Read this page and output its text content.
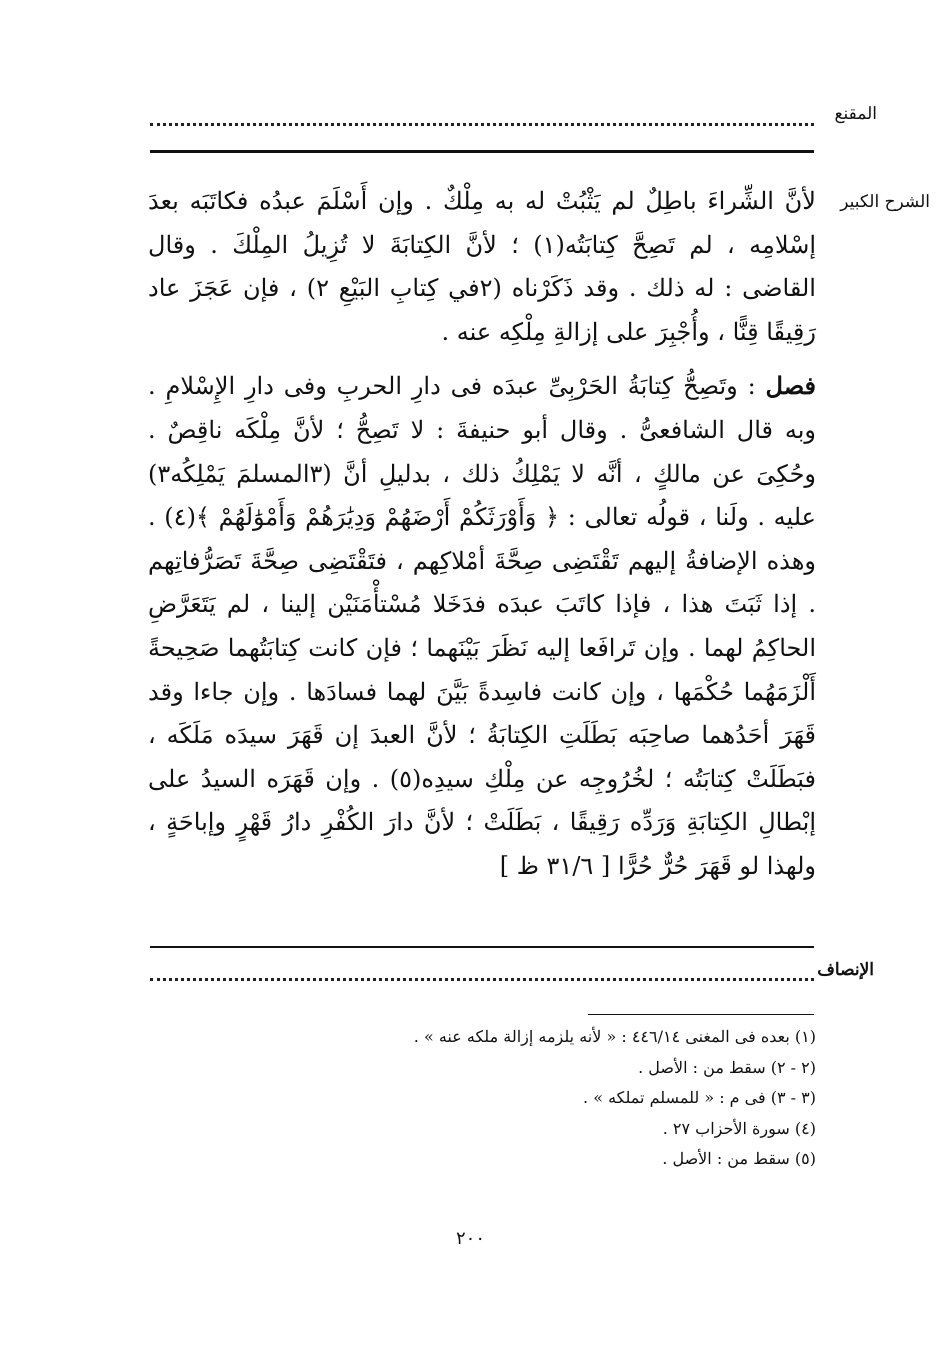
المقنع
الشرح الكبير

لأنَّ الشِّراءَ باطِلٌ لم يَثْبُتْ له به مِلْكٌ . وإن أَسْلَمَ عبدُه فكاتَبَه بعدَ إسْلامِه ، لم تَصِحَّ كِتابَتُه(١) ؛ لأنَّ الكِتابَةَ لا تُزِيلُ المِلْكَ . وقال القاضى : له ذلك . وقد ذَكَرْناه (٢في كِتابِ البَيْعِ ٢) ، فإن عَجَزَ عاد رَقِيقًا قِنًّا ، وأُجْبِرَ على إزالةِ مِلْكِه عنه .

فصل : وتَصِحُّ كِتابَةُ الحَرْبِىِّ عبدَه فى دارِ الحربِ وفى دارِ الإِسْلامِ . وبه قال الشافعىُّ . وقال أبو حنيفةَ : لا تَصِحُّ ؛ لأنَّ مِلْكَه ناقِصٌ . وحُكِىَ عن مالكٍ ، أنَّه لا يَمْلِكُ ذلك ، بدليلِ أنَّ (٣المسلمَ يَمْلِكُه٣) عليه . ولَنا ، قولُه تعالى : ﴿ وَأَوْرَثَكُمْ أَرْضَهُمْ وَدِيَٰرَهُمْ وَأَمْوَٰلَهُمْ ﴾(٤) . وهذه الإضافةُ إليهم تَقْتَضِى صِحَّةَ أمْلاكِهم ، فتَقْتَضِى صِحَّةَ تَصَرُّفاتِهم . إذا ثَبَتَ هذا ، فإذا كاتَبَ عبدَه فدَخَلا مُسْتأْمَنَيْن إلينا ، لم يَتَعَرَّضِ الحاكِمُ لهما . وإن تَرافَعا إليه نَظَرَ بَيْنَهما ؛ فإن كانت كِتابَتُهما صَحِيحةً أَلْزَمَهُما حُكْمَها ، وإن كانت فاسِدةً بَيَّنَ لهما فسادَها . وإن جاءا وقد قَهَرَ أحَدُهما صاحِبَه بَطَلَتِ الكِتابَةُ ؛ لأنَّ العبدَ إن قَهَرَ سيدَه مَلَكَه ، فبَطَلَتْ كِتابَتُه ؛ لخُرُوجِه عن مِلْكِ سيدِه(٥) . وإن قَهَرَه السيدُ على إبْطالِ الكِتابَةِ وَرَدِّه رَقِيقًا ، بَطَلَتْ ؛ لأنَّ دارَ الكُفْرِ دارُ قَهْرٍ وإباحَةٍ ، ولهذا لو قَهَرَ حُرٌّ حُرًّا [ ٣١/٦ ظ ]

الإنصاف
(١) بعده فى المغنى ٤٤٦/١٤ : « لأنه يلزمه إزالة ملكه عنه » .
(٢ - ٢) سقط من : الأصل .
(٣ - ٣) فى م : « للمسلم تملكه » .
(٤) سورة الأحزاب ٢٧ .
(٥) سقط من : الأصل .
٢٠٠
